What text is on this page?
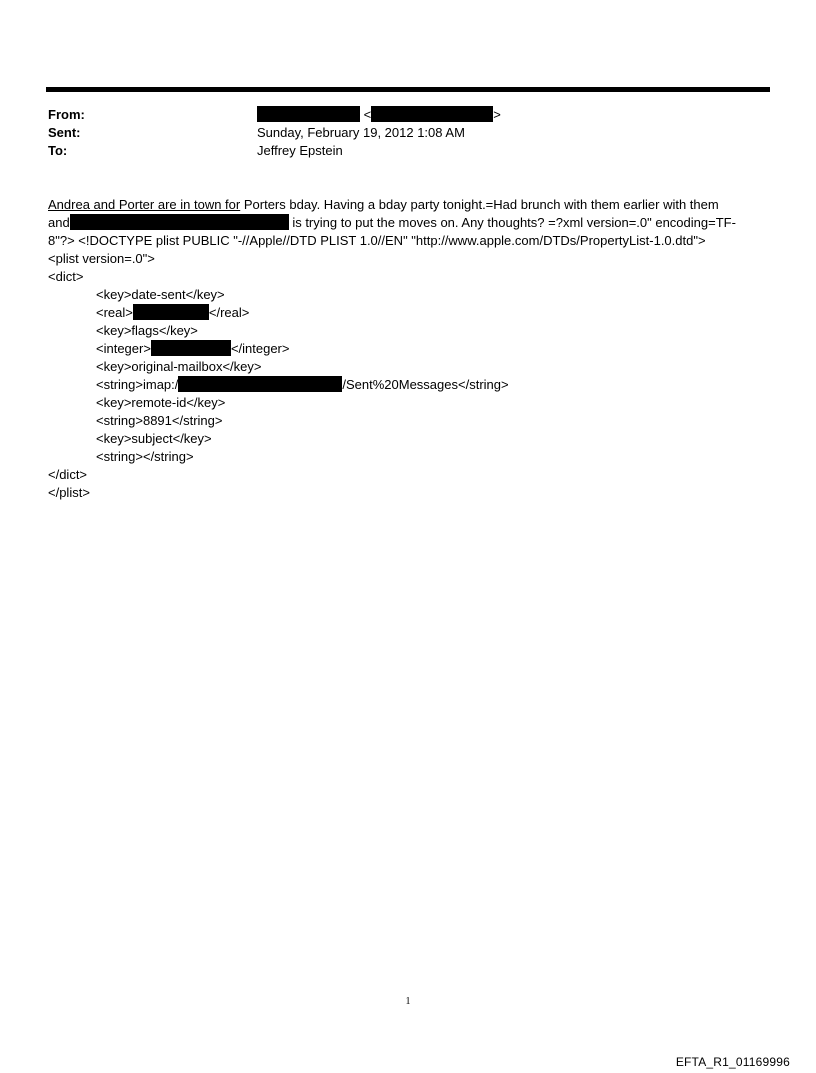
From:	<	>
Sent:	Sunday, February 19, 2012 1:08 AM
To:	Jeffrey Epstein
Andrea and Porter are in town for Porters bday. Having a bday party tonight.=Had brunch with them earlier with them
and	is trying to put the moves on. Any thoughts? =?xml version=.0" encoding=TF-
8"?> <!DOCTYPE plist PUBLIC "-//Apple//DTD PLIST 1.0//EN" "http://www.apple.com/DTDs/PropertyList-1.0.dtd">
<plist version=.0">
<dict>
<key>date-sent</key>
<real>	</real>
<key>flags</key>
<integer>	</integer>
<key>original-mailbox</key>
<string>imap:/	/Sent%20Messages</string>
<key>remote-id</key>
<string>8891</string>
<key>subject</key>
<string></string>
</dict>
</plist>
1
EFTA_R1_01169996
